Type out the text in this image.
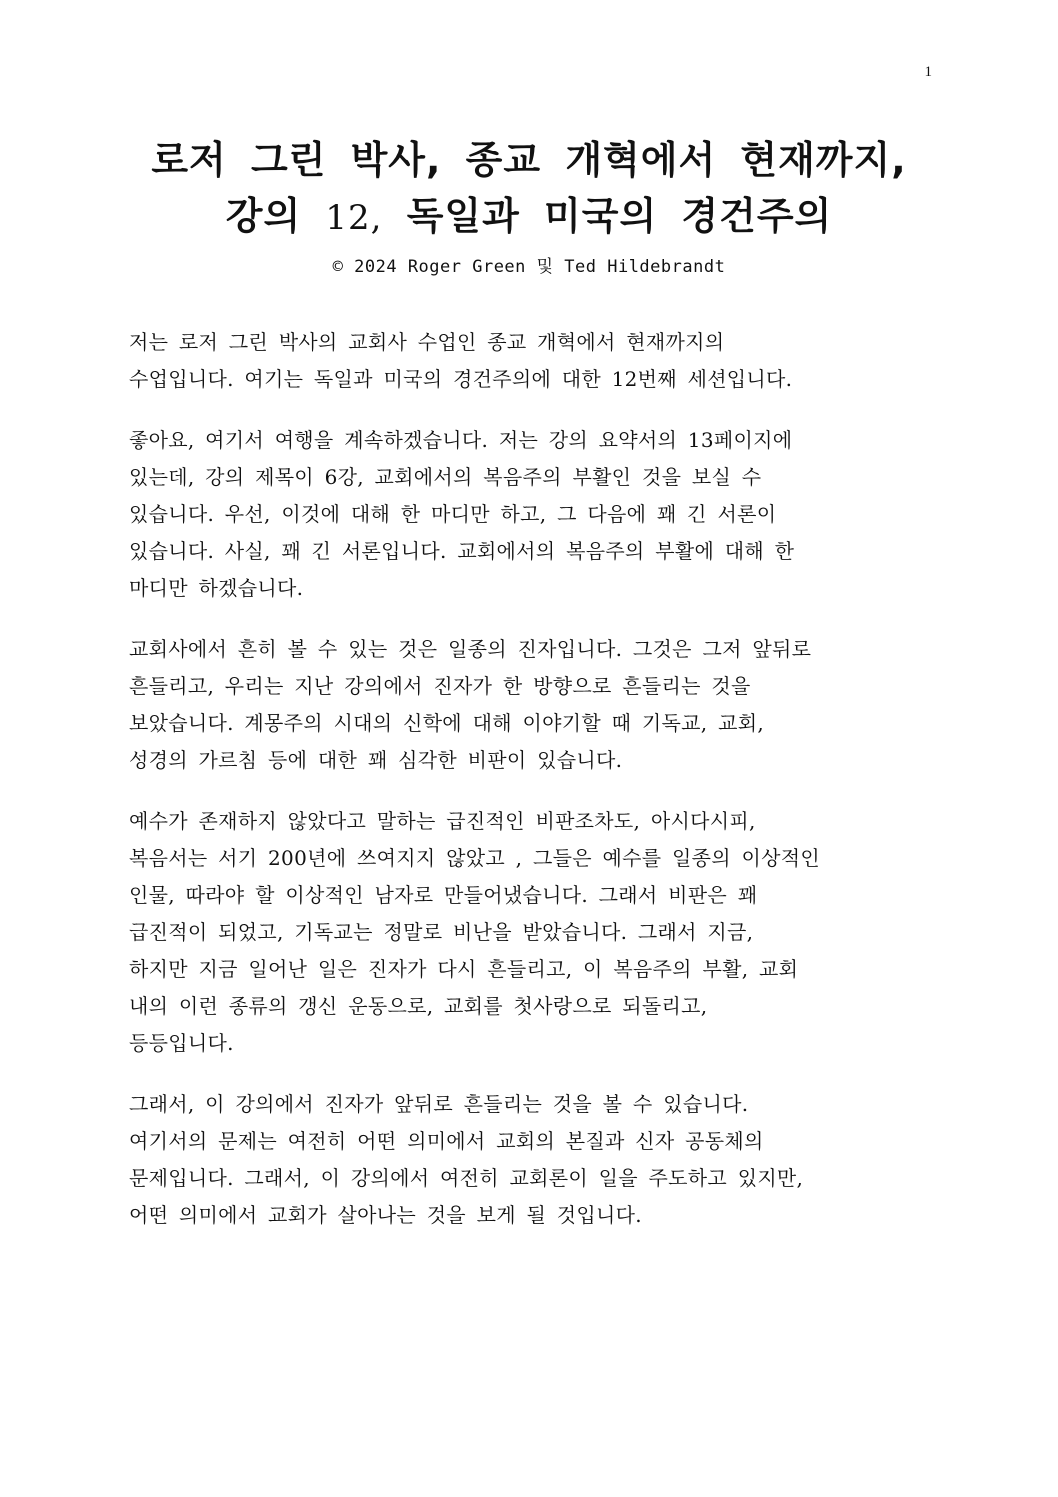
1
로저 그린 박사, 종교 개혁에서 현재까지,
강의 12, 독일과 미국의 경건주의
© 2024 Roger Green 및 Ted Hildebrandt
저는 로저 그린 박사의 교회사 수업인 종교 개혁에서 현재까지의
수업입니다. 여기는 독일과 미국의 경건주의에 대한 12번째 세션입니다.
좋아요, 여기서 여행을 계속하겠습니다. 저는 강의 요약서의 13페이지에
있는데, 강의 제목이 6강, 교회에서의 복음주의 부활인 것을 보실 수
있습니다. 우선, 이것에 대해 한 마디만 하고, 그 다음에 꽤 긴 서론이
있습니다. 사실, 꽤 긴 서론입니다. 교회에서의 복음주의 부활에 대해 한
마디만 하겠습니다.
교회사에서 흔히 볼 수 있는 것은 일종의 진자입니다. 그것은 그저 앞뒤로
흔들리고, 우리는 지난 강의에서 진자가 한 방향으로 흔들리는 것을
보았습니다. 계몽주의 시대의 신학에 대해 이야기할 때 기독교, 교회,
성경의 가르침 등에 대한 꽤 심각한 비판이 있습니다.
예수가 존재하지 않았다고 말하는 급진적인 비판조차도, 아시다시피,
복음서는 서기 200년에 쓰여지지 않았고 , 그들은 예수를 일종의 이상적인
인물, 따라야 할 이상적인 남자로 만들어냈습니다. 그래서 비판은 꽤
급진적이 되었고, 기독교는 정말로 비난을 받았습니다. 그래서 지금,
하지만 지금 일어난 일은 진자가 다시 흔들리고, 이 복음주의 부활, 교회
내의 이런 종류의 갱신 운동으로, 교회를 첫사랑으로 되돌리고,
등등입니다.
그래서, 이 강의에서 진자가 앞뒤로 흔들리는 것을 볼 수 있습니다.
여기서의 문제는 여전히 어떤 의미에서 교회의 본질과 신자 공동체의
문제입니다. 그래서, 이 강의에서 여전히 교회론이 일을 주도하고 있지만,
어떤 의미에서 교회가 살아나는 것을 보게 될 것입니다.
